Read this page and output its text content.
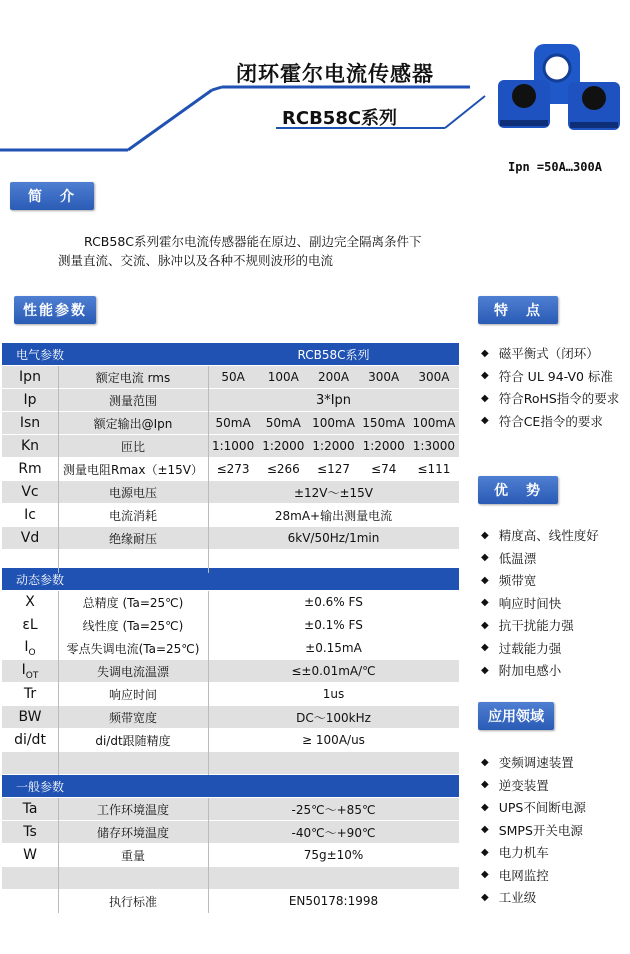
闭环霍尔电流传感器
RCB58C系列
Ipn =50A…300A
简　介

RCB58C系列霍尔电流传感器能在原边、副边完全隔离条件下

测量直流、交流、脉冲以及各种不规则波形的电流

性能参数
电气参数	RCB58C系列
Ipn	额定电流 rms	50A	100A	200A	300A	300A
Ip	测量范围	3*Ipn
Isn	额定输出@Ipn	50mA	50mA 100mA 150mA 100mA
Kn	匝比	1:1000 1:2000 1:2000 1:2000 1:3000
Rm	测量电阻Rmax（±15V）	≤273	≤266	≤127	≤74	≤111
Vc	电源电压	±12V～±15V
Ic	电流消耗	28mA+输出测量电流
Vd	绝缘耐压	6kV/50Hz/1min
动态参数
X	总精度 (Ta=25℃)	±0.6% FS
εL	线性度 (Ta=25℃)	±0.1% FS
$I_O$	零点失调电流(Ta=25℃)	±0.15mA
$I_{OT}$	失调电流温漂	≤±0.01mA/℃
Tr	响应时间	1us
BW	频带宽度	DC～100kHz
di/dt	di/dt跟随精度	≥ 100A/us
一般参数
Ta	工作环境温度	-25℃～+85℃
Ts	储存环境温度	-40℃～+90℃
W	重量	75g±10%
执行标准	EN50178:1998
特　点
◆ 磁平衡式（闭环）
◆ 符合 UL 94-V0 标准
◆ 符合RoHS指令的要求
◆ 符合CE指令的要求
优　势
◆ 精度高、线性度好
◆ 低温漂
◆ 频带宽
◆ 响应时间快
◆ 抗干扰能力强
◆ 过载能力强
◆ 附加电感小
应用领域
◆ 变频调速装置
◆ 逆变装置
◆ UPS不间断电源
◆ SMPS开关电源
◆ 电力机车
◆ 电网监控
◆ 工业级
